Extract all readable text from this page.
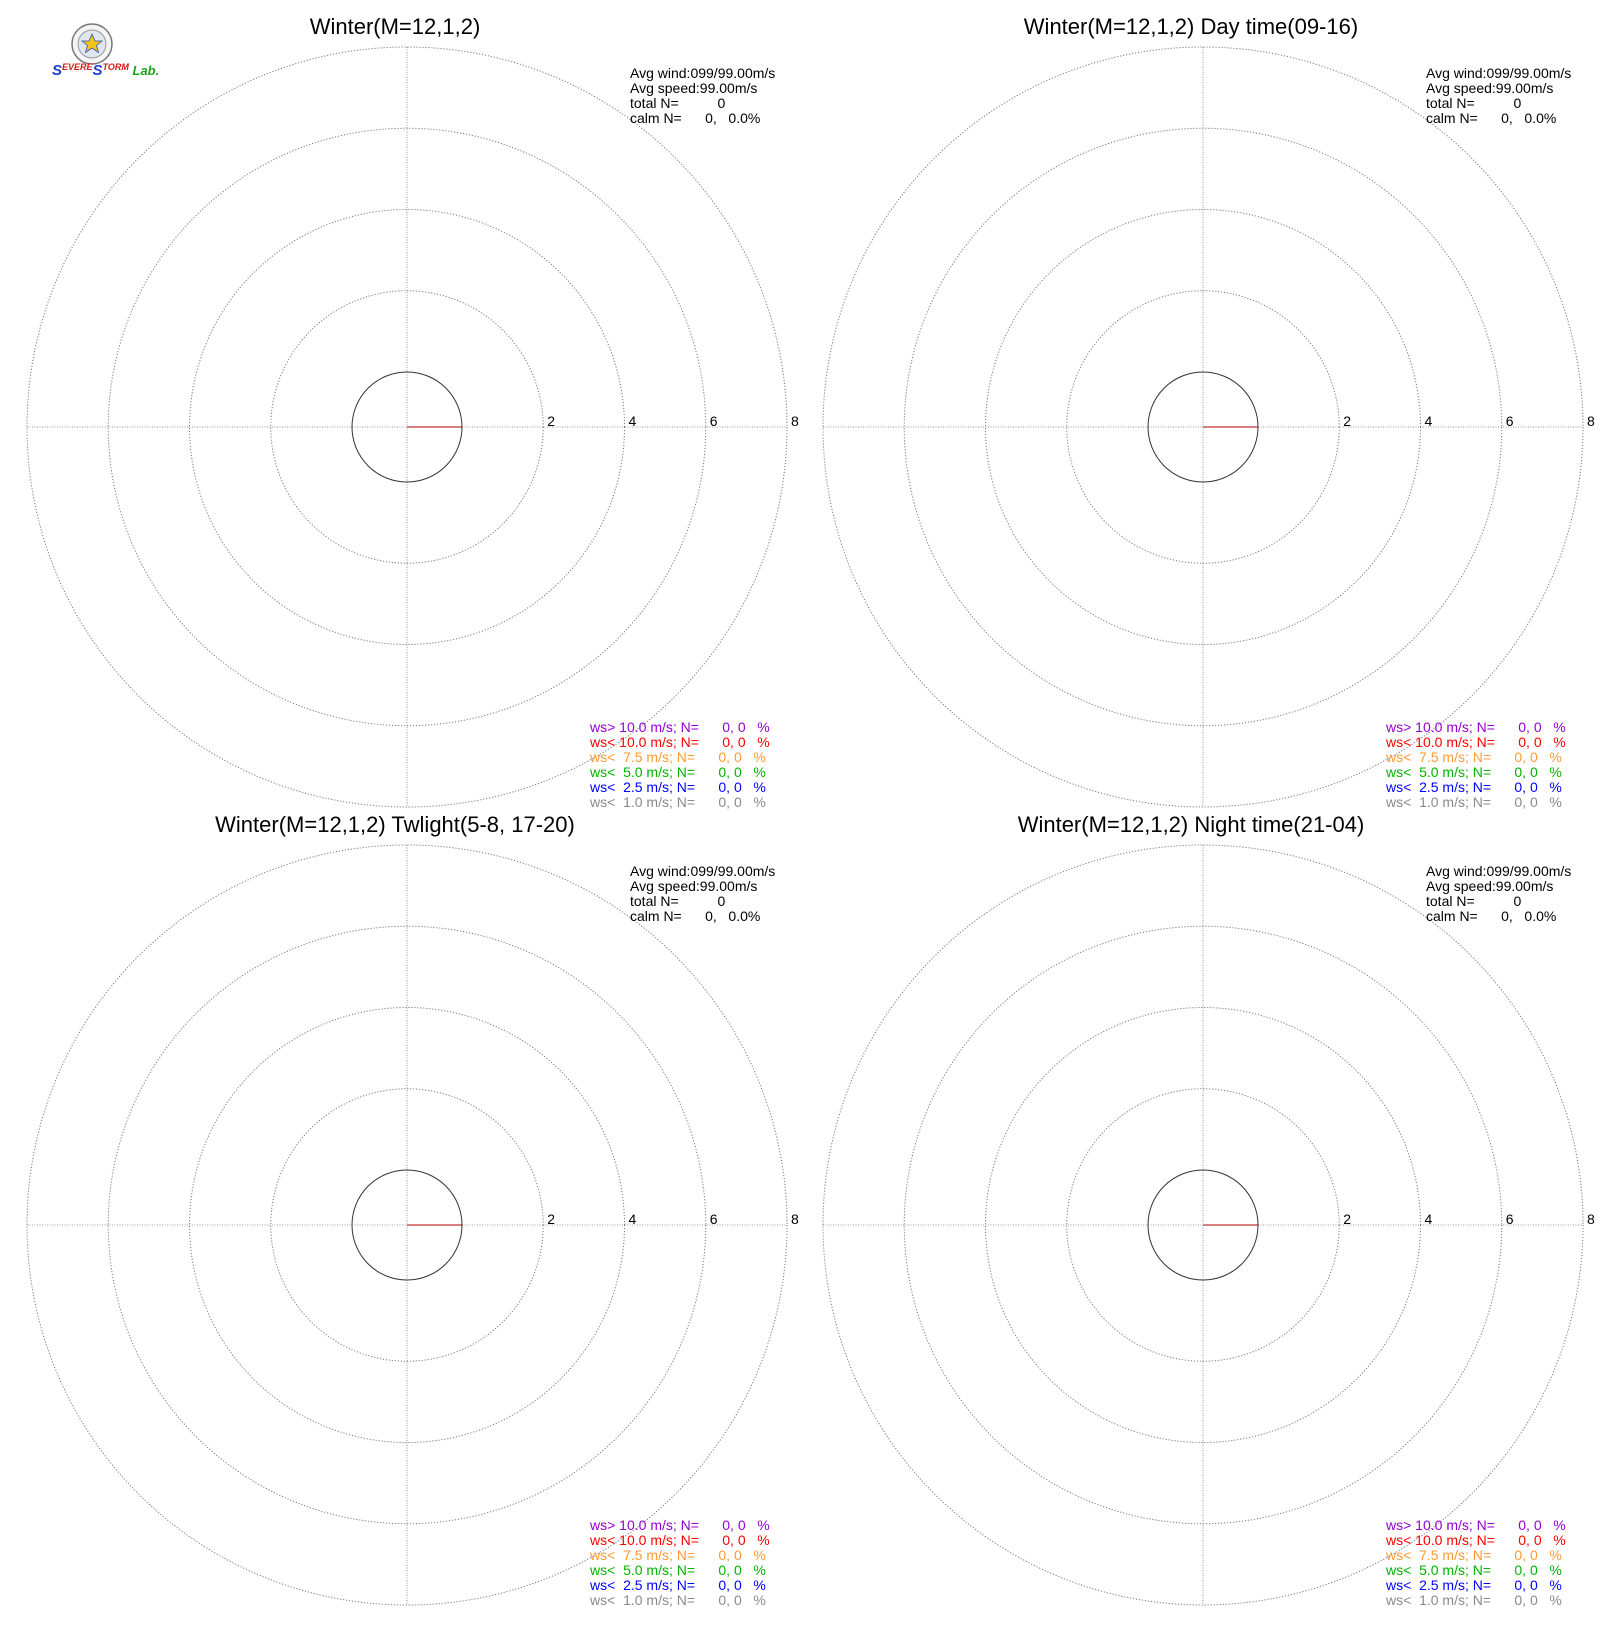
2	4	6	8
Winter(M=12,1,2)
Avg wind:099/99.00m/s
Avg speed:99.00m/s
total N=          0
calm N=      0,   0.0%
ws> 10.0 m/s; N=      0, 0   %
ws< 10.0 m/s; N=      0, 0   %
ws<  7.5 m/s; N=      0, 0   %
ws<  5.0 m/s; N=      0, 0   %
ws<  2.5 m/s; N=      0, 0   %
ws<  1.0 m/s; N=      0, 0   %
2	4	6	8
Winter(M=12,1,2) Day time(09-16)
Avg wind:099/99.00m/s
Avg speed:99.00m/s
total N=          0
calm N=      0,   0.0%
ws> 10.0 m/s; N=      0, 0   %
ws< 10.0 m/s; N=      0, 0   %
ws<  7.5 m/s; N=      0, 0   %
ws<  5.0 m/s; N=      0, 0   %
ws<  2.5 m/s; N=      0, 0   %
ws<  1.0 m/s; N=      0, 0   %
2	4	6	8
Winter(M=12,1,2) Twlight(5-8, 17-20)
Avg wind:099/99.00m/s
Avg speed:99.00m/s
total N=          0
calm N=      0,   0.0%
ws> 10.0 m/s; N=      0, 0   %
ws< 10.0 m/s; N=      0, 0   %
ws<  7.5 m/s; N=      0, 0   %
ws<  5.0 m/s; N=      0, 0   %
ws<  2.5 m/s; N=      0, 0   %
ws<  1.0 m/s; N=      0, 0   %
2	4	6	8
Winter(M=12,1,2) Night time(21-04)
Avg wind:099/99.00m/s
Avg speed:99.00m/s
total N=          0
calm N=      0,   0.0%
ws> 10.0 m/s; N=      0, 0   %
ws< 10.0 m/s; N=      0, 0   %
ws<  7.5 m/s; N=      0, 0   %
ws<  5.0 m/s; N=      0, 0   %
ws<  2.5 m/s; N=      0, 0   %
ws<  1.0 m/s; N=      0, 0   %
$S^{EVERE}S^{TORM}$ Lab.
